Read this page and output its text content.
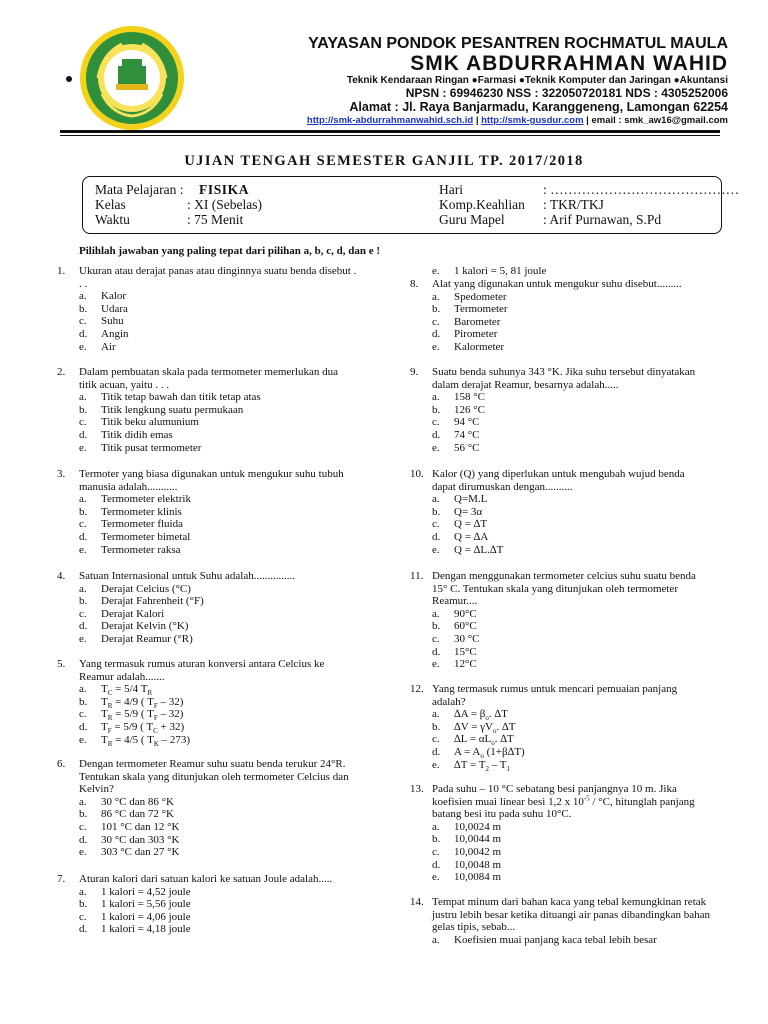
YAYASAN PONDOK PESANTREN ROCHMATUL MAULA
SMK ABDURRAHMAN WAHID
Teknik Kendaraan Ringan ●Farmasi ●Teknik Komputer dan Jaringan ●Akuntansi
NPSN : 69946230 NSS : 322050720181 NDS : 4305252006
Alamat : Jl. Raya Banjarmadu, Karanggeneng, Lamongan 62254
http://smk-abdurrahmanwahid.sch.id | http://smk-gusdur.com | email : smk_aw16@gmail.com
UJIAN TENGAH SEMESTER GANJIL TP. 2017/2018
Mata Pelajaran : FISIKA
Kelas	: XI (Sebelas)
Waktu	: 75 Menit
Hari	: ……………………………………
Komp.Keahlian : TKR/TKJ
Guru Mapel	: Arif Purnawan, S.Pd
Pilihlah jawaban yang paling tepat dari pilihan a, b, c, d, dan e !
1.	Ukuran atau derajat panas atau dinginnya suatu benda disebut . . .
a. Kalor
b. Udara
c. Suhu
d. Angin
e. Air
2.	Dalam pembuatan skala pada termometer memerlukan dua titik acuan, yaitu . . .
a. Titik tetap bawah dan titik tetap atas
b. Titik lengkung suatu permukaan
c. Titik beku alumunium
d. Titik didih emas
e. Titik pusat termometer
3.	Termoter yang biasa digunakan untuk mengukur suhu tubuh manusia adalah...........
a. Termometer elektrik
b. Termometer klinis
c. Termometer fluida
d. Termometer bimetal
e. Termometer raksa
4.	Satuan Internasional untuk Suhu adalah...............
a. Derajat Celcius (°C)
b. Derajat Fahrenheit (°F)
c. Derajat Kalori
d. Derajat Kelvin (°K)
e. Derajat Reamur (°R)
5.	Yang termasuk rumus aturan konversi antara Celcius ke Reamur adalah.......
a. $T_C = 5/4$ $T_R$
b. $T_R = 4/9$ ( $T_F - 32$)
c. $T_R = 5/9$ ( $T_F - 32$)
d. $T_F = 5/9$ ( $T_C + 32$)
e. $T_R = 4/5$ ( $T_K - 273$)
6.	Dengan termometer Reamur suhu suatu benda terukur 24°R. Tentukan skala yang ditunjukan oleh termometer Celcius dan Kelvin?
a. 30 °C dan 86 °K
b. 86 °C dan 72 °K
c. 101 °C dan 12 °K
d. 30 °C dan 303 °K
e. 303 °C dan 27 °K
7.	Aturan kalori dari satuan kalori ke satuan Joule adalah.....
a. 1 kalori = 4,52 joule
b. 1 kalori = 5,56 joule
c. 1 kalori = 4,06 joule
d. 1 kalori = 4,18 joule
e. 1 kalori = 5, 81 joule
8.	Alat yang digunakan untuk mengukur suhu disebut.........
a. Spedometer
b. Termometer
c. Barometer
d. Pirometer
e. Kalormeter
9.	Suatu benda suhunya 343 °K. Jika suhu tersebut dinyatakan dalam derajat Reamur, besarnya adalah.....
a. 158 °C
b. 126 °C
c. 94 °C
d. 74 °C
e. 56 °C
10. Kalor (Q) yang diperlukan untuk mengubah wujud benda dapat dirumuskan dengan..........
a. Q=M.L
b. Q= 3α
c. Q = ∆T
d. Q = ∆A
e. Q = ∆L.∆T
11. Dengan menggunakan termometer celcius suhu suatu benda 15° C. Tentukan skala yang ditunjukan oleh termometer Reamur....
a. 90°C
b. 60°C
c. 30 °C
d. 15°C
e. 12°C
12. Yang termasuk rumus untuk mencari pemuaian panjang adalah?
a. $\Delta A = \beta_o$. ∆T
b. $\Delta V = \gamma V_o$. ∆T
c. $\Delta L = \alpha L_o$. ∆T
d. $A = A_o$ (1+β∆T)
e. $\Delta T = T_2 - T_1$
13. Pada suhu – 10 °C sebatang besi panjangnya 10 m. Jika koefisien muai linear besi 1,2 x $10^{-5} / ^\circ C$, hitunglah panjang batang besi itu pada suhu 10°C.
a. 10,0024 m
b. 10,0044 m
c. 10,0042 m
d. 10,0048 m
e. 10,0084 m
14. Tempat minum dari bahan kaca yang tebal kemungkinan retak justru lebih besar ketika dituangi air panas dibandingkan bahan gelas tipis, sebab...
a. Koefisien muai panjang kaca tebal lebih besar
